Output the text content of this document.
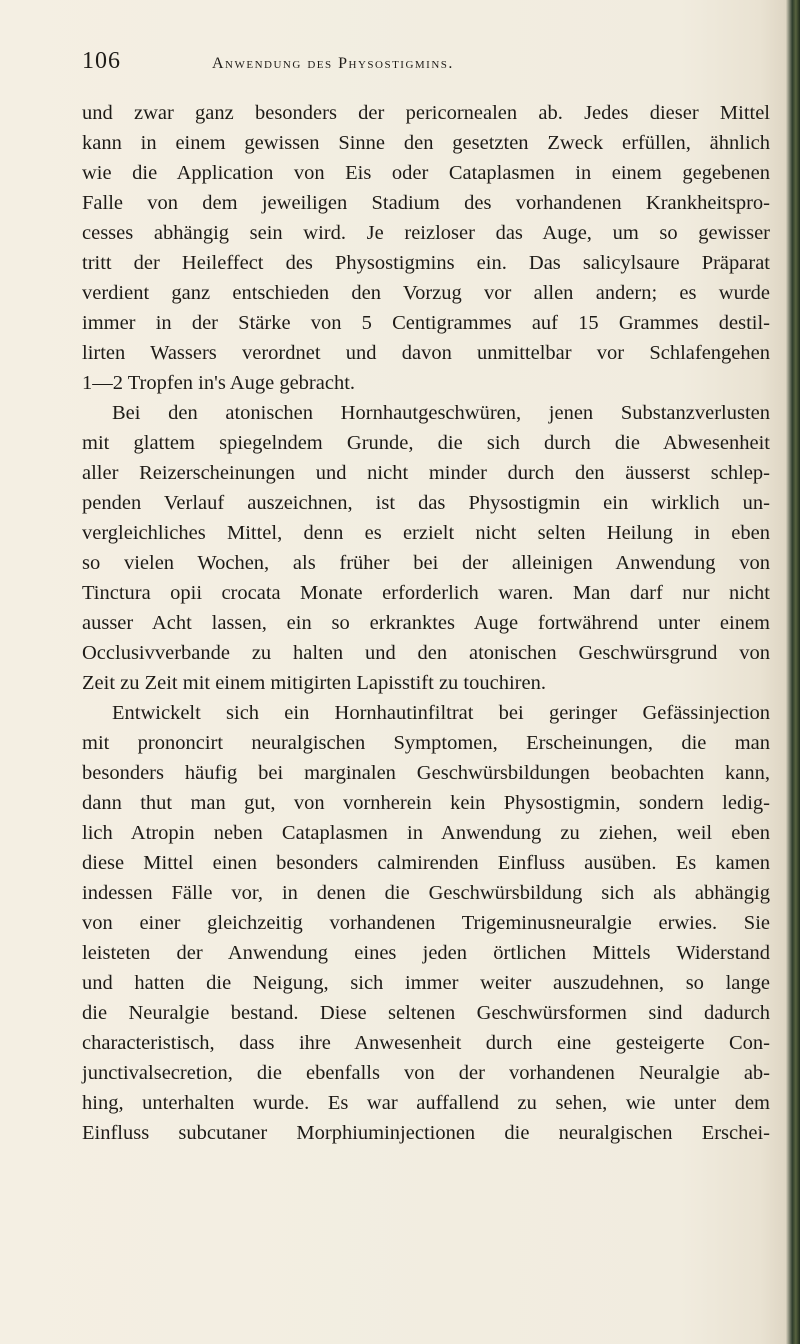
106	Anwendung des Physostigmins.
und zwar ganz besonders der pericornealen ab. Jedes dieser Mittel
kann in einem gewissen Sinne den gesetzten Zweck erfüllen, ähnlich
wie die Application von Eis oder Cataplasmen in einem gegebenen
Falle von dem jeweiligen Stadium des vorhandenen Krankheitspro-
cesses abhängig sein wird. Je reizloser das Auge, um so gewisser
tritt der Heileffect des Physostigmins ein. Das salicylsaure Präparat
verdient ganz entschieden den Vorzug vor allen andern; es wurde
immer in der Stärke von 5 Centigrammes auf 15 Grammes destil-
lirten Wassers verordnet und davon unmittelbar vor Schlafengehen
1—2 Tropfen in's Auge gebracht.
Bei den atonischen Hornhautgeschwüren, jenen Substanzverlusten
mit glattem spiegelndem Grunde, die sich durch die Abwesenheit
aller Reizerscheinungen und nicht minder durch den äusserst schlep-
penden Verlauf auszeichnen, ist das Physostigmin ein wirklich un-
vergleichliches Mittel, denn es erzielt nicht selten Heilung in eben
so vielen Wochen, als früher bei der alleinigen Anwendung von
Tinctura opii crocata Monate erforderlich waren. Man darf nur nicht
ausser Acht lassen, ein so erkranktes Auge fortwährend unter einem
Occlusivverbande zu halten und den atonischen Geschwürsgrund von
Zeit zu Zeit mit einem mitigirten Lapisstift zu touchiren.
Entwickelt sich ein Hornhautinfiltrat bei geringer Gefässinjection
mit prononcirt neuralgischen Symptomen, Erscheinungen, die man
besonders häufig bei marginalen Geschwürsbildungen beobachten kann,
dann thut man gut, von vornherein kein Physostigmin, sondern ledig-
lich Atropin neben Cataplasmen in Anwendung zu ziehen, weil eben
diese Mittel einen besonders calmirenden Einfluss ausüben. Es kamen
indessen Fälle vor, in denen die Geschwürsbildung sich als abhängig
von einer gleichzeitig vorhandenen Trigeminusneuralgie erwies. Sie
leisteten der Anwendung eines jeden örtlichen Mittels Widerstand
und hatten die Neigung, sich immer weiter auszudehnen, so lange
die Neuralgie bestand. Diese seltenen Geschwürsformen sind dadurch
characteristisch, dass ihre Anwesenheit durch eine gesteigerte Con-
junctivalsecretion, die ebenfalls von der vorhandenen Neuralgie ab-
hing, unterhalten wurde. Es war auffallend zu sehen, wie unter dem
Einfluss subcutaner Morphiuminjectionen die neuralgischen Erschei-
